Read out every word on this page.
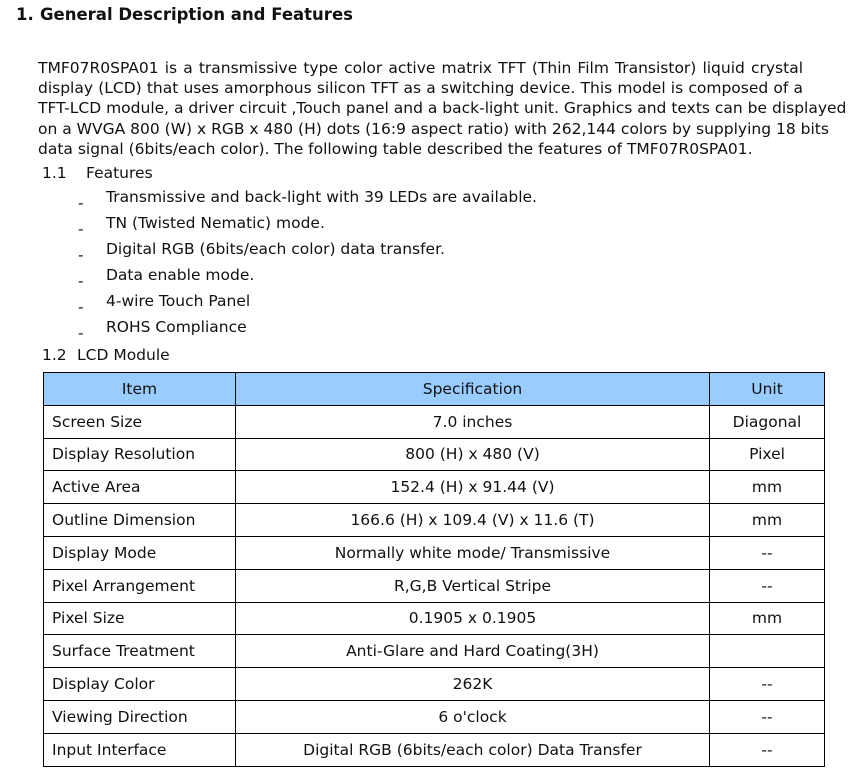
1. General Description and Features

TMF07R0SPA01 is a transmissive type color active matrix TFT (Thin Film Transistor) liquid crystal

display (LCD) that uses amorphous silicon TFT as a switching device. This model is composed of a

TFT-LCD module, a driver circuit ,Touch panel and a back-light unit. Graphics and texts can be displayed

on a WVGA 800 (W) x RGB x 480 (H) dots (16:9 aspect ratio) with 262,144 colors by supplying 18 bits

data signal (6bits/each color). The following table described the features of TMF07R0SPA01.

1.1 Features
- Transmissive and back-light with 39 LEDs are available.
- TN (Twisted Nematic) mode.
- Digital RGB (6bits/each color) data transfer.
- Data enable mode.
- 4-wire Touch Panel
- ROHS Compliance
1.2 LCD Module
Item	Specification	Unit
Screen Size	7.0 inches	Diagonal
Display Resolution	800 (H) x 480 (V)	Pixel
Active Area	152.4 (H) x 91.44 (V)	mm
Outline Dimension	166.6 (H) x 109.4 (V) x 11.6 (T)	mm
Display Mode	Normally white mode/ Transmissive	--
Pixel Arrangement	R,G,B Vertical Stripe	--
Pixel Size	0.1905 x 0.1905	mm
Surface Treatment	Anti-Glare and Hard Coating(3H)	
Display Color	262K	--
Viewing Direction	6 o'clock	--
Input Interface	Digital RGB (6bits/each color) Data Transfer	--
